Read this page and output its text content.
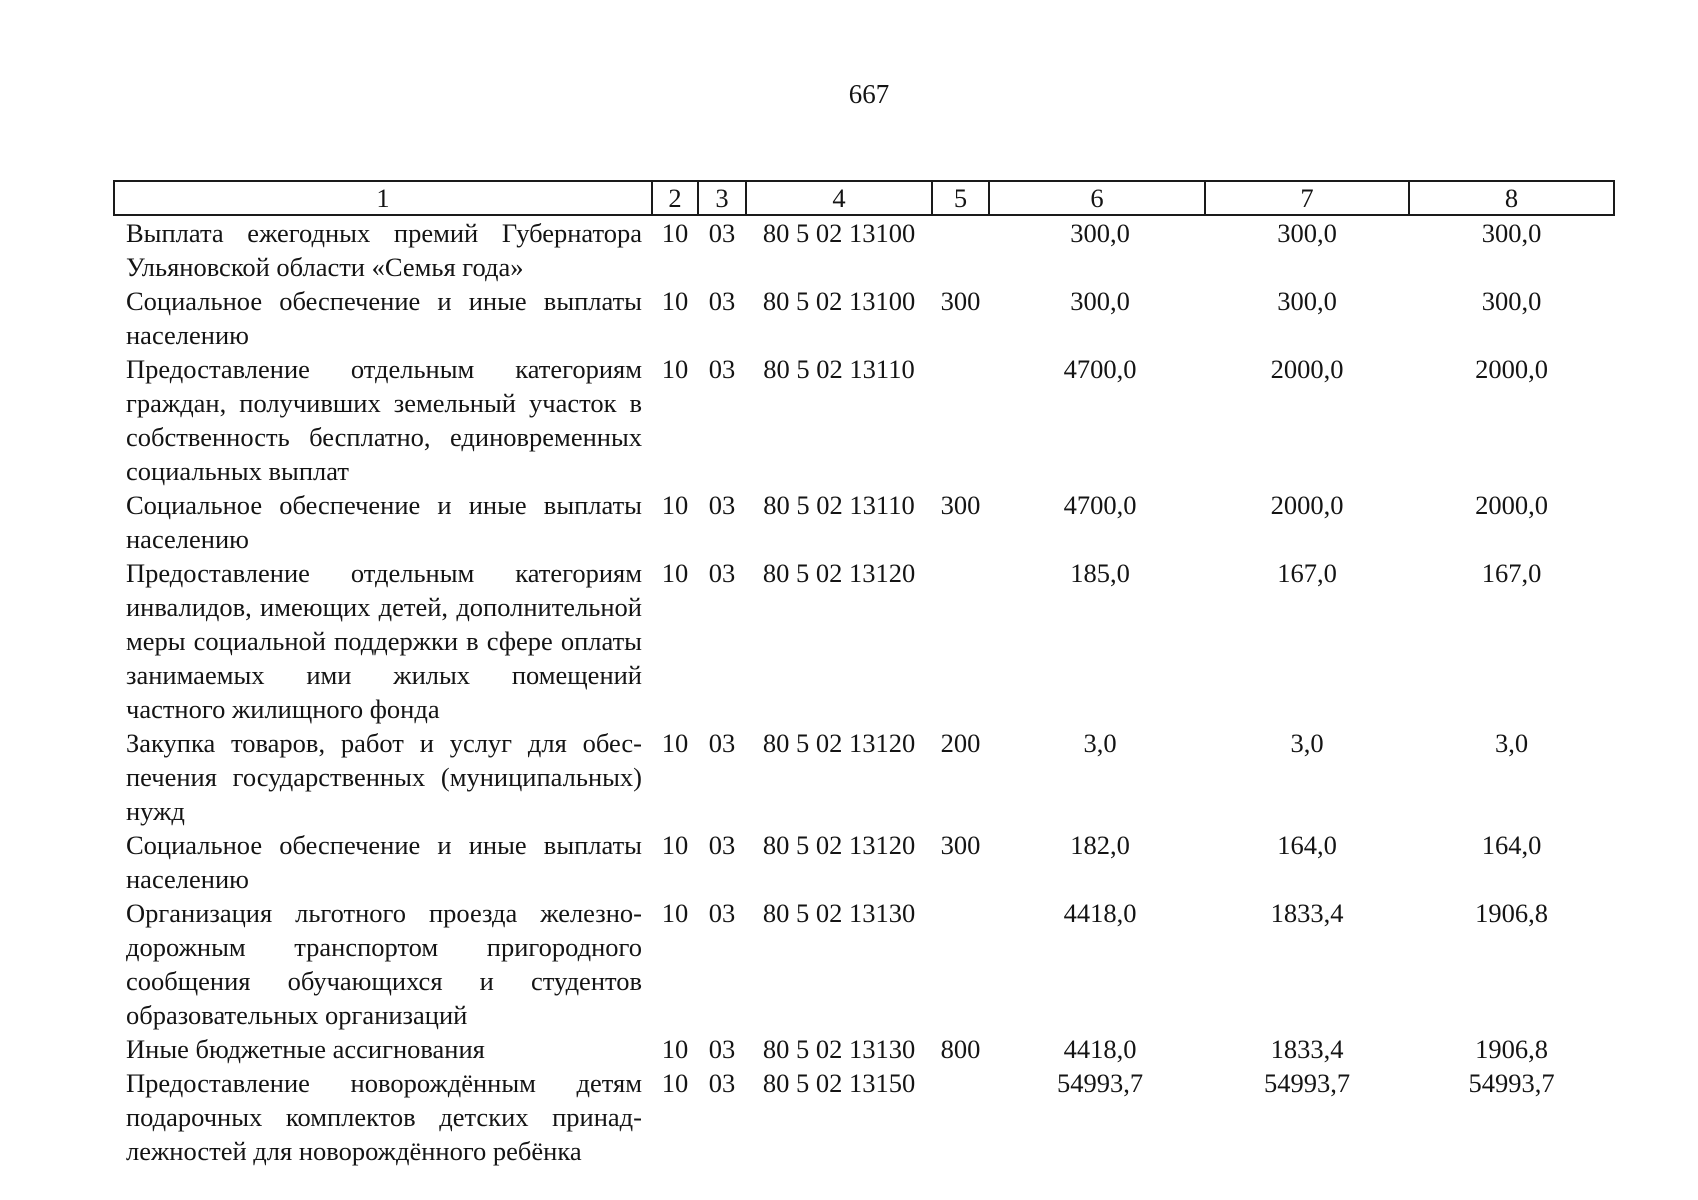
667
1	2	3	4	5	6	7	8
Выплата ежегодных премий Губернатора Ульяновской области «Семья года»	10	03	80 5 02 13100		300,0	300,0	300,0
Социальное обеспечение и иные выплаты населению	10	03	80 5 02 13100	300	300,0	300,0	300,0
Предоставление отдельным категориям граждан, получивших земельный участок в собственность бесплатно, единовременных социальных выплат	10	03	80 5 02 13110		4700,0	2000,0	2000,0
Социальное обеспечение и иные выплаты населению	10	03	80 5 02 13110	300	4700,0	2000,0	2000,0
Предоставление отдельным категориям инвалидов, имеющих детей, дополнительной меры социальной поддержки в сфере оплаты занимаемых ими жилых помещений частного жилищного фонда	10	03	80 5 02 13120		185,0	167,0	167,0
Закупка товаров, работ и услуг для обеспечения государственных (муниципальных) нужд	10	03	80 5 02 13120	200	3,0	3,0	3,0
Социальное обеспечение и иные выплаты населению	10	03	80 5 02 13120	300	182,0	164,0	164,0
Организация льготного проезда железнодорожным транспортом пригородного сообщения обучающихся и студентов образовательных организаций	10	03	80 5 02 13130		4418,0	1833,4	1906,8
Иные бюджетные ассигнования	10	03	80 5 02 13130	800	4418,0	1833,4	1906,8
Предоставление новорождённым детям подарочных комплектов детских принадлежностей для новорождённого ребёнка	10	03	80 5 02 13150		54993,7	54993,7	54993,7
